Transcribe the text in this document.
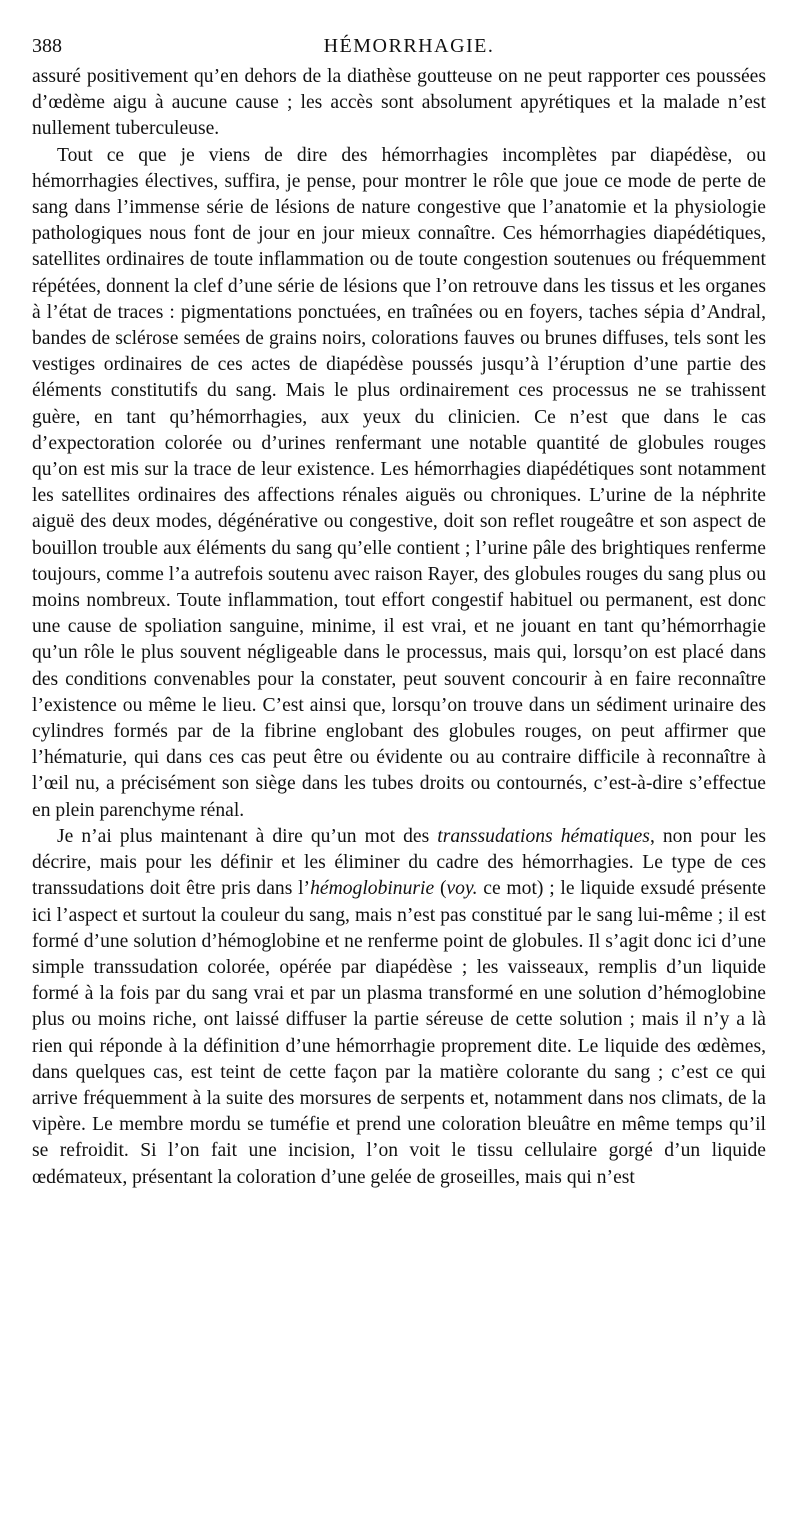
388	HÉMORRHAGIE.

assuré positivement qu’en dehors de la diathèse goutteuse on ne peut rapporter ces poussées d’œdème aigu à aucune cause ; les accès sont absolument apyrétiques et la malade n’est nullement tuberculeuse.

Tout ce que je viens de dire des hémorrhagies incomplètes par diapédèse, ou hémorrhagies électives, suffira, je pense, pour montrer le rôle que joue ce mode de perte de sang dans l’immense série de lésions de nature congestive que l’anatomie et la physiologie pathologiques nous font de jour en jour mieux connaître. Ces hémorrhagies diapédétiques, satellites ordinaires de toute inflammation ou de toute congestion soutenues ou fréquemment répétées, donnent la clef d’une série de lésions que l’on retrouve dans les tissus et les organes à l’état de traces : pigmentations ponctuées, en traînées ou en foyers, taches sépia d’Andral, bandes de sclérose semées de grains noirs, colorations fauves ou brunes diffuses, tels sont les vestiges ordinaires de ces actes de diapédèse poussés jusqu’à l’éruption d’une partie des éléments constitutifs du sang. Mais le plus ordinairement ces processus ne se trahissent guère, en tant qu’hémorrhagies, aux yeux du clinicien. Ce n’est que dans le cas d’expectoration colorée ou d’urines renfermant une notable quantité de globules rouges qu’on est mis sur la trace de leur existence. Les hémorrhagies diapédétiques sont notamment les satellites ordinaires des affections rénales aiguës ou chroniques. L’urine de la néphrite aiguë des deux modes, dégénérative ou congestive, doit son reflet rougeâtre et son aspect de bouillon trouble aux éléments du sang qu’elle contient ; l’urine pâle des brightiques renferme toujours, comme l’a autrefois soutenu avec raison Rayer, des globules rouges du sang plus ou moins nombreux. Toute inflammation, tout effort congestif habituel ou permanent, est donc une cause de spoliation sanguine, minime, il est vrai, et ne jouant en tant qu’hémorrhagie qu’un rôle le plus souvent négligeable dans le processus, mais qui, lorsqu’on est placé dans des conditions convenables pour la constater, peut souvent concourir à en faire reconnaître l’existence ou même le lieu. C’est ainsi que, lorsqu’on trouve dans un sédiment urinaire des cylindres formés par de la fibrine englobant des globules rouges, on peut affirmer que l’hématurie, qui dans ces cas peut être ou évidente ou au contraire difficile à reconnaître à l’œil nu, a précisément son siège dans les tubes droits ou contournés, c’est-à-dire s’effectue en plein parenchyme rénal.

Je n’ai plus maintenant à dire qu’un mot des transsudations hématiques, non pour les décrire, mais pour les définir et les éliminer du cadre des hémorrhagies. Le type de ces transsudations doit être pris dans l’hémoglobinurie (voy. ce mot) ; le liquide exsudé présente ici l’aspect et surtout la couleur du sang, mais n’est pas constitué par le sang lui-même ; il est formé d’une solution d’hémoglobine et ne renferme point de globules. Il s’agit donc ici d’une simple transsudation colorée, opérée par diapédèse ; les vaisseaux, remplis d’un liquide formé à la fois par du sang vrai et par un plasma transformé en une solution d’hémoglobine plus ou moins riche, ont laissé diffuser la partie séreuse de cette solution ; mais il n’y a là rien qui réponde à la définition d’une hémorrhagie proprement dite. Le liquide des œdèmes, dans quelques cas, est teint de cette façon par la matière colorante du sang ; c’est ce qui arrive fréquemment à la suite des morsures de serpents et, notamment dans nos climats, de la vipère. Le membre mordu se tuméfie et prend une coloration bleuâtre en même temps qu’il se refroidit. Si l’on fait une incision, l’on voit le tissu cellulaire gorgé d’un liquide œdémateux, présentant la coloration d’une gelée de groseilles, mais qui n’est
